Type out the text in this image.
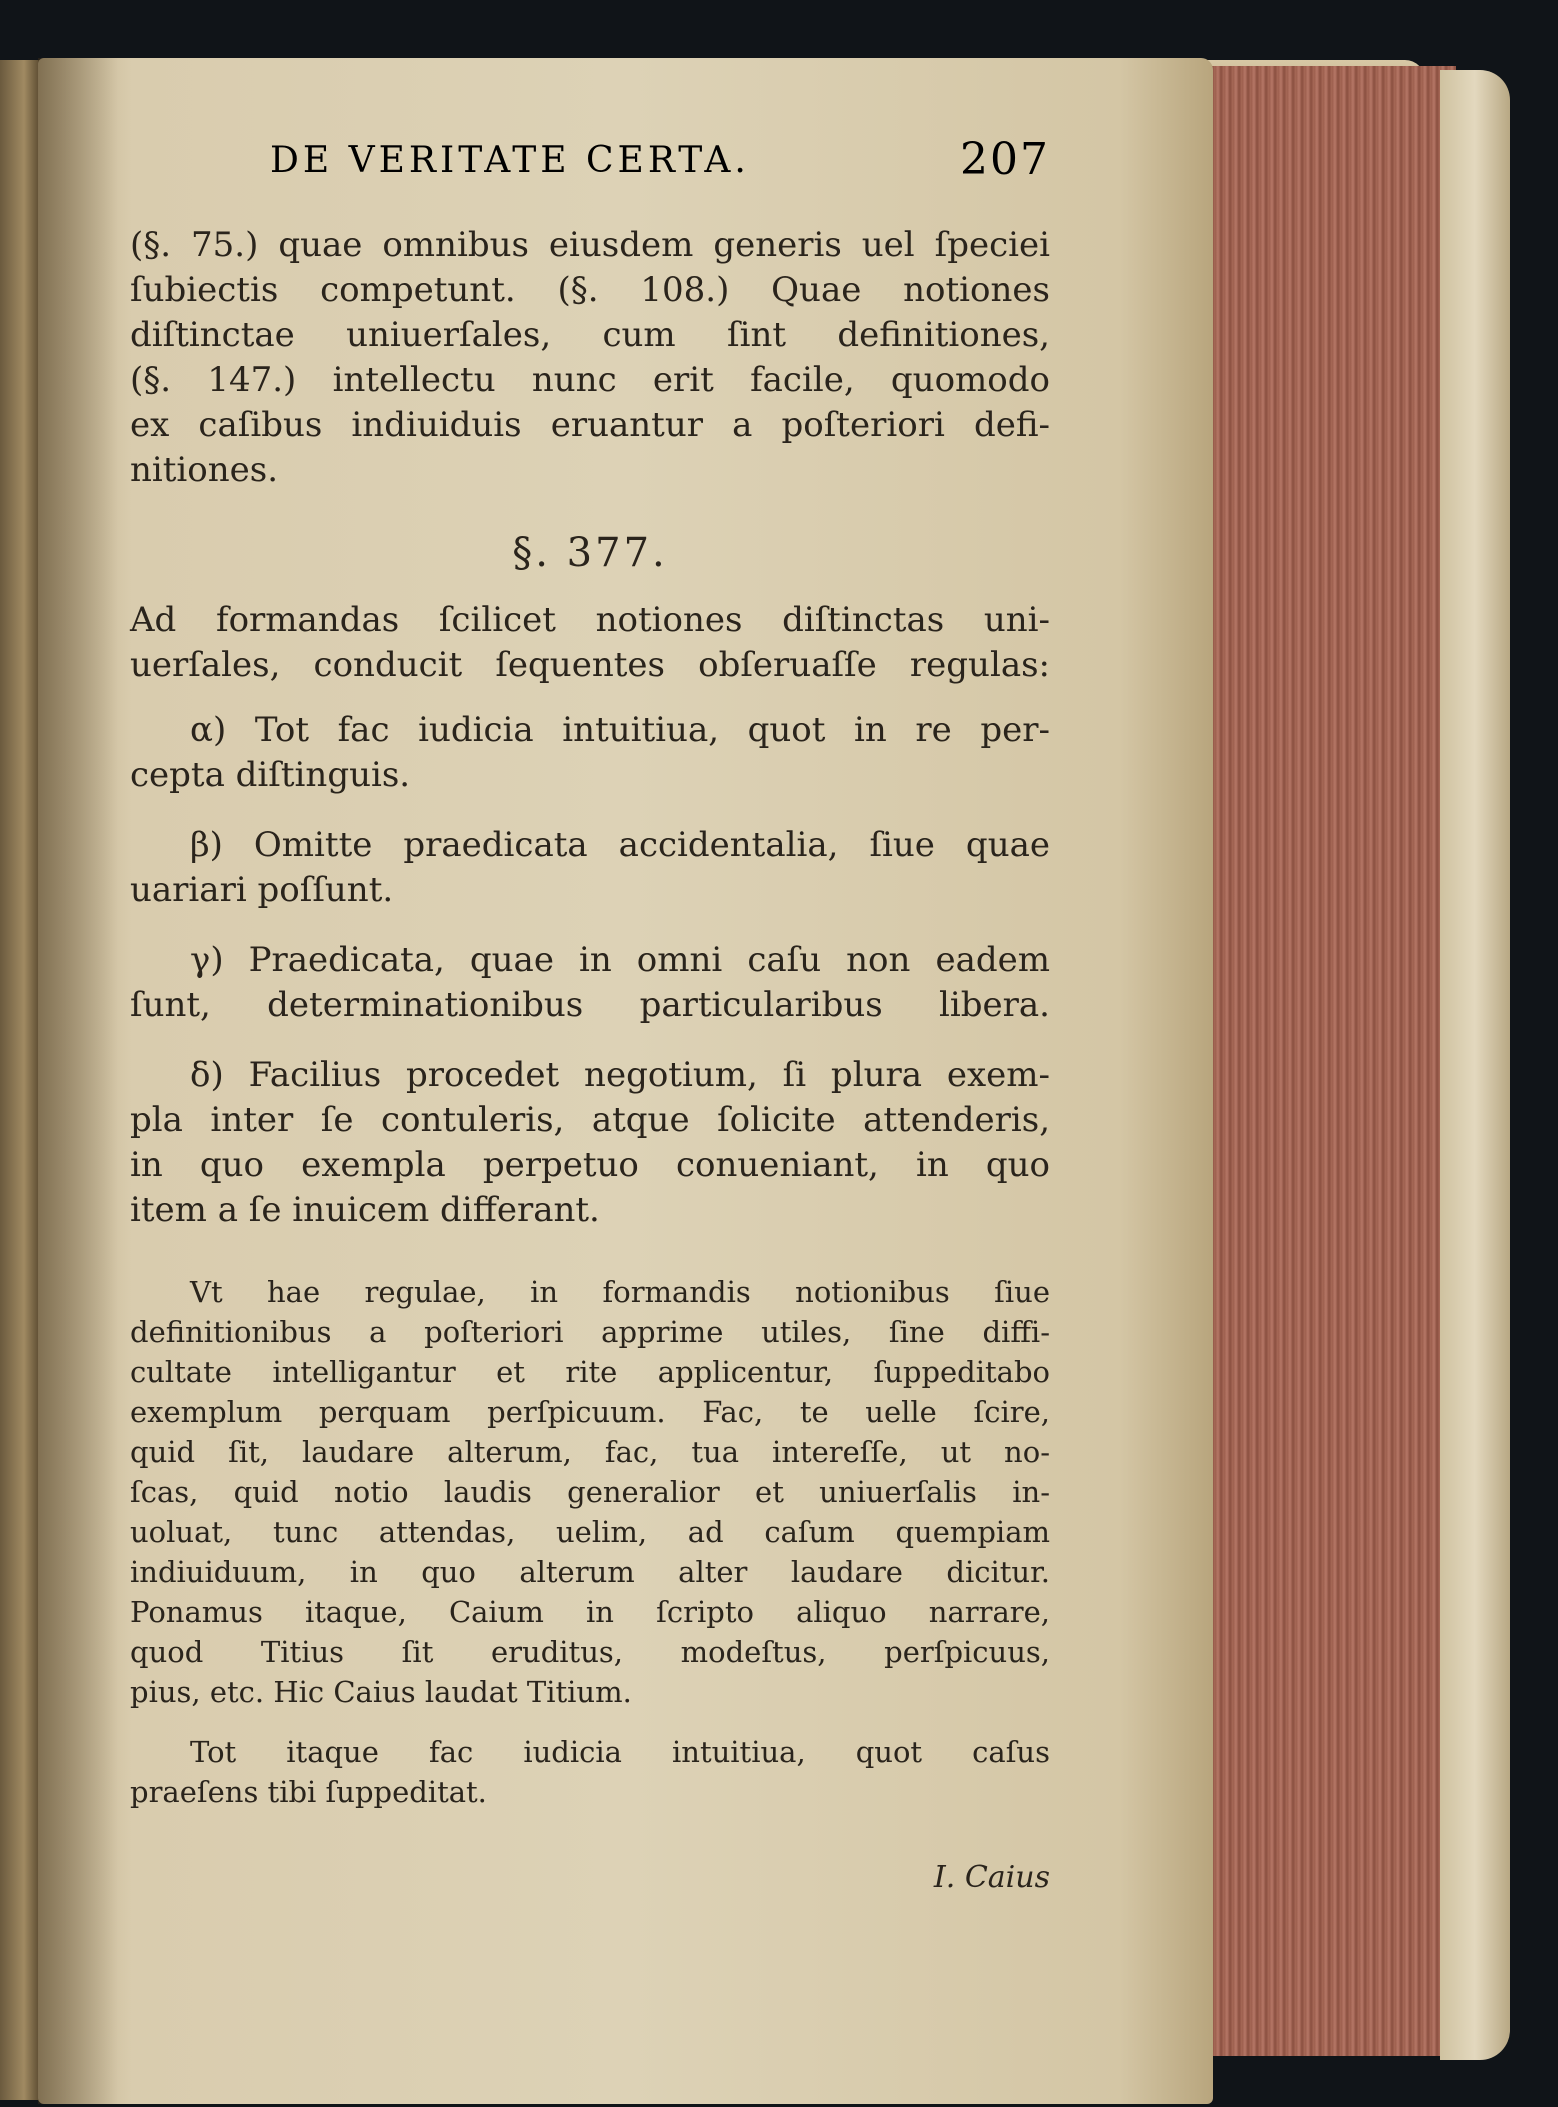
DE VERITATE CERTA.	207
(§. 75.) quae omnibus eiusdem generis uel ſpeciei
ſubiectis competunt. (§. 108.) Quae notiones
diſtinctae uniuerſales, cum ſint definitiones,
(§. 147.) intellectu nunc erit facile, quomodo
ex caſibus indiuiduis eruantur a poſteriori defi-
nitiones.
§. 377.
Ad formandas ſcilicet notiones diſtinctas uni-
uerſales, conducit ſequentes obſeruaſſe regulas:
α) Tot fac iudicia intuitiua, quot in re per-
cepta diſtinguis.
β) Omitte praedicata accidentalia, ſiue quae
uariari poſſunt.
γ) Praedicata, quae in omni caſu non eadem
ſunt, determinationibus particularibus libera.
δ) Facilius procedet negotium, ſi plura exem-
pla inter ſe contuleris, atque ſolicite attenderis,
in quo exempla perpetuo conueniant, in quo
item a ſe inuicem differant.
Vt hae regulae, in formandis notionibus ſiue
definitionibus a poſteriori apprime utiles, ſine diffi-
cultate intelligantur et rite applicentur, ſuppeditabo
exemplum perquam perſpicuum. Fac, te uelle ſcire,
quid ſit, laudare alterum, fac, tua intereſſe, ut no-
ſcas, quid notio laudis generalior et uniuerſalis in-
uoluat, tunc attendas, uelim, ad caſum quempiam
indiuiduum, in quo alterum alter laudare dicitur.
Ponamus itaque, Caium in ſcripto aliquo narrare,
quod Titius ſit eruditus, modeſtus, perſpicuus,
pius, etc. Hic Caius laudat Titium.
Tot itaque fac iudicia intuitiua, quot caſus
praeſens tibi ſuppeditat.
I. Caius
